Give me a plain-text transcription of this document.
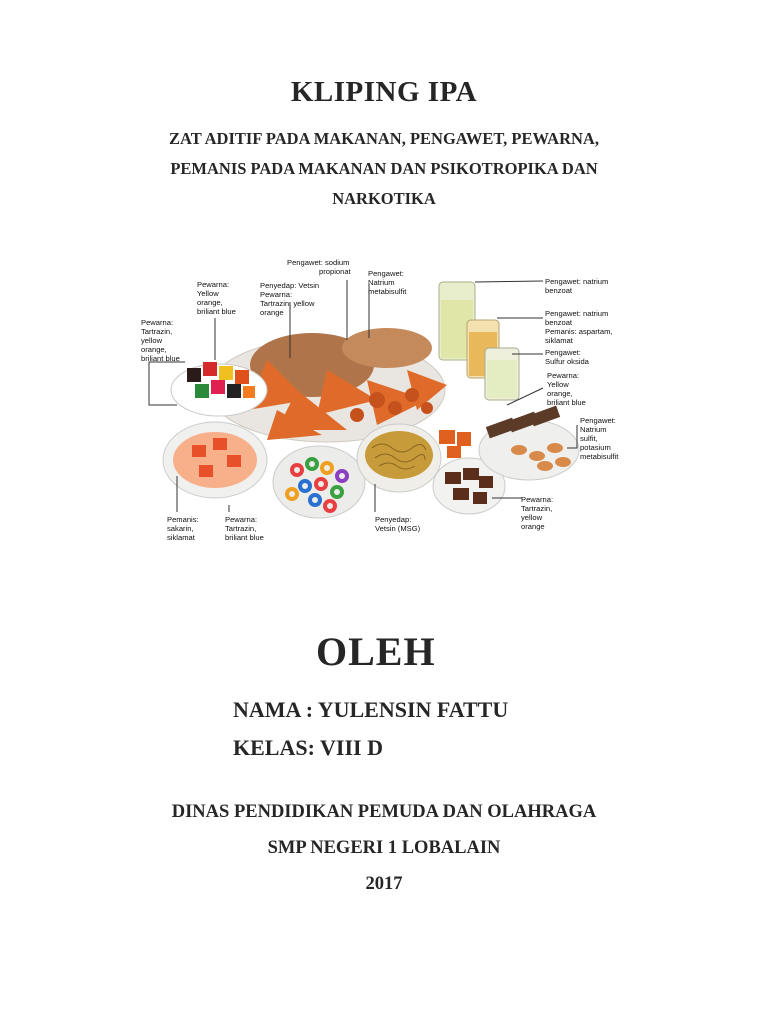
KLIPING IPA
ZAT ADITIF PADA MAKANAN, PENGAWET, PEWARNA,
PEMANIS PADA MAKANAN DAN PSIKOTROPIKA DAN
NARKOTIKA
Pengawet: sodium propionat Pengawet: Natrium metabisulfit
Penyedap: Vetsin Pewarna: Tartrazin, yellow orange
Pewarna: Yellow orange, briliant blue
Pewarna: Tartrazin, yellow orange, briliant blue
Pengawet: natrium benzoat
Pengawet: natrium benzoat Pemanis: aspartam, siklamat
Pengawet: Sulfur oksida
Pewarna: Yellow orange, briliant blue
Pengawet: Natrium sulfit, potasium metabisulfit
Pemanis: sakarin, siklamat
Pewarna: Tartrazin, briliant blue
Penyedap: Vetsin (MSG)
Pewarna: Tartrazin, yellow orange
OLEH
NAMA : YULENSIN FATTU
KELAS: VIII D
DINAS PENDIDIKAN PEMUDA DAN OLAHRAGA
SMP NEGERI 1 LOBALAIN
2017
